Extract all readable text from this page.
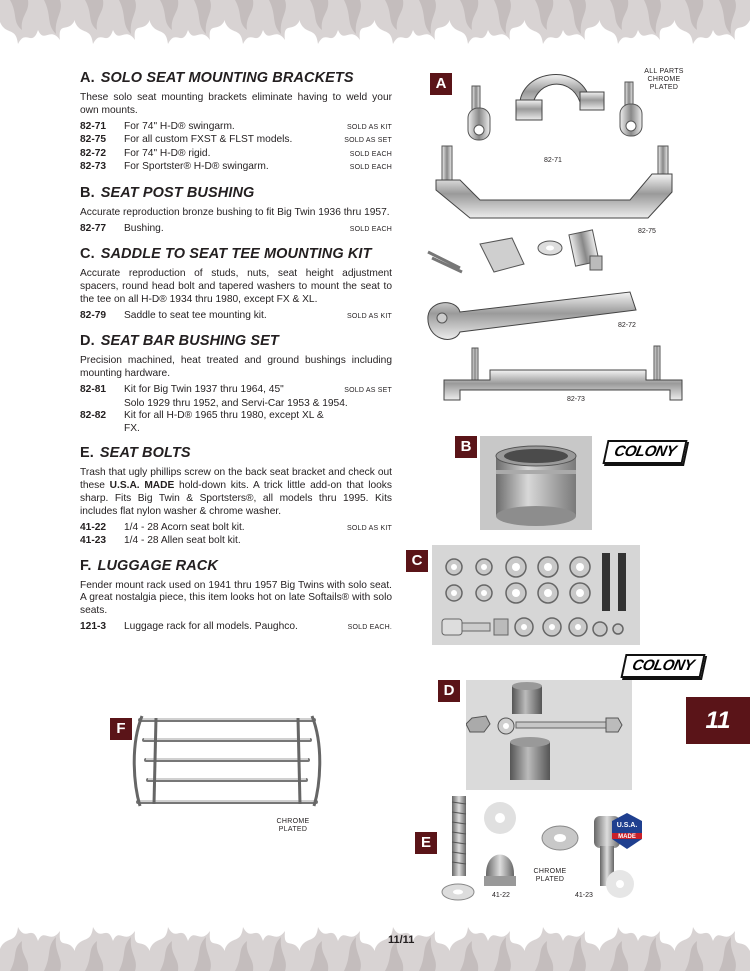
A. SOLO SEAT MOUNTING BRACKETS

These solo seat mounting brackets eliminate having to weld your own mounts.

82-71	For 74" H-D® swingarm.	SOLD AS KIT
82-75	For all custom FXST & FLST models.	SOLD AS SET
82-72	For 74" H-D® rigid.	SOLD EACH
82-73	For Sportster® H-D® swingarm.	SOLD EACH
B. SEAT POST BUSHING

Accurate reproduction bronze bushing to fit Big Twin 1936 thru 1957.

82-77	Bushing.	SOLD EACH
C. SADDLE TO SEAT TEE MOUNTING KIT

Accurate reproduction of studs, nuts, seat height adjustment spacers, round head bolt and tapered washers to mount the seat to the tee on all H-D® 1934 thru 1980, except FX & XL.

82-79	Saddle to seat tee mounting kit.	SOLD AS KIT
D. SEAT BAR BUSHING SET

Precision machined, heat treated and ground bushings including mounting hardware.

82-81	Kit for Big Twin 1937 thru 1964, 45"	SOLD AS SET
Solo 1929 thru 1952, and Servi-Car 1953 & 1954.
82-82	Kit for all H-D® 1965 thru 1980, except XL & FX.
E. SEAT BOLTS

Trash that ugly phillips screw on the back seat bracket and check out these U.S.A. MADE hold-down kits. A trick little add-on that looks sharp. Fits Big Twin & Sportsters®, all models thru 1995. Kits includes flat nylon washer & chrome washer.

41-22	1/4 - 28 Acorn seat bolt kit.	SOLD AS KIT
41-23	1/4 - 28 Allen seat bolt kit.
F. LUGGAGE RACK

Fender mount rack used on 1941 thru 1957 Big Twins with solo seat. A great nostalgia piece, this item looks hot on late Softails® with solo seats.

121-3	Luggage rack for all models. Paughco.	SOLD EACH.
A
ALL PARTS
CHROME
PLATED
82-71
82-75
82-72
82-73
B	COLONY
C
COLONY
D
F
CHROME
PLATED
E
CHROME
PLATED
41-22	41-23
U.S.A.
MADE
11
11/11
